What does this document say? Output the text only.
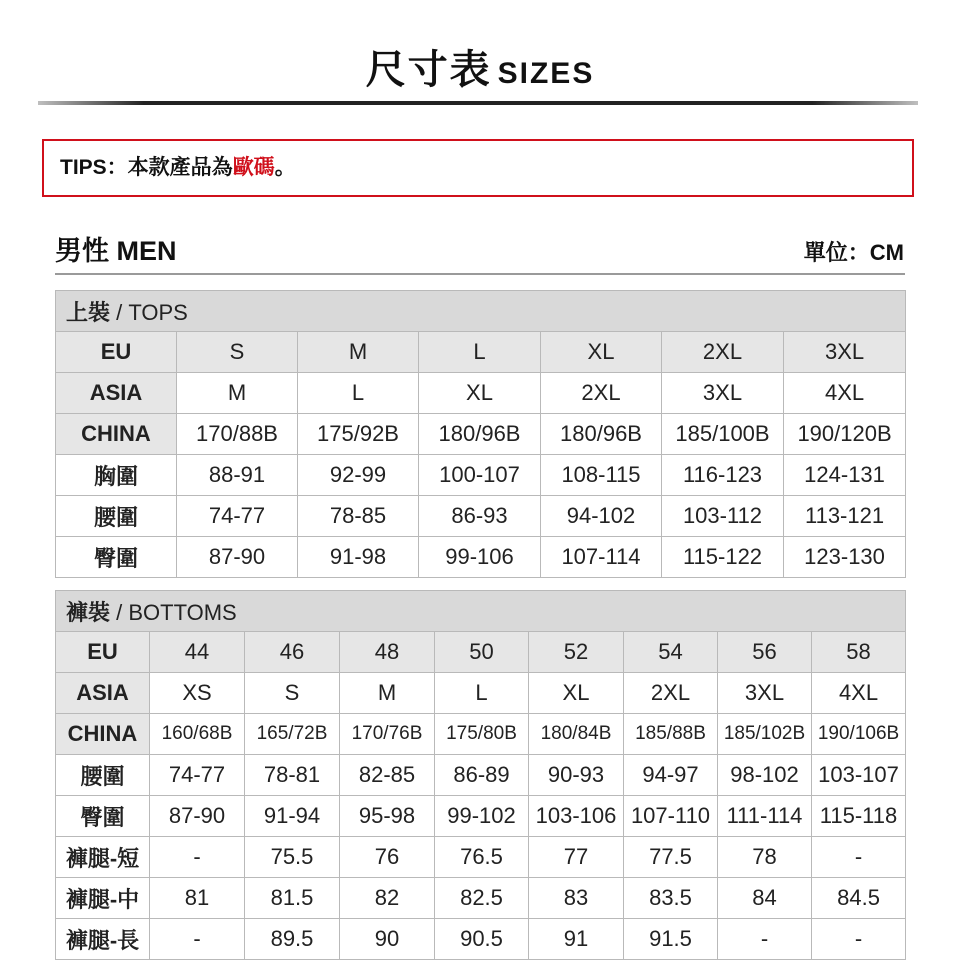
尺寸表 SIZES
TIPS：本款產品為歐碼。
男性 MEN	單位：CM
上裝 / TOPS						
EU	S	M	L	XL	2XL	3XL
ASIA	M	L	XL	2XL	3XL	4XL
CHINA	170/88B	175/92B	180/96B	180/96B	185/100B	190/120B
胸圍	88-91	92-99	100-107	108-115	116-123	124-131
腰圍	74-77	78-85	86-93	94-102	103-112	113-121
臀圍	87-90	91-98	99-106	107-114	115-122	123-130
褲裝 / BOTTOMS								
EU	44	46	48	50	52	54	56	58
ASIA	XS	S	M	L	XL	2XL	3XL	4XL
CHINA	160/68B	165/72B	170/76B	175/80B	180/84B	185/88B	185/102B	190/106B
腰圍	74-77	78-81	82-85	86-89	90-93	94-97	98-102	103-107
臀圍	87-90	91-94	95-98	99-102	103-106	107-110	111-114	115-118
褲腿-短	-	75.5	76	76.5	77	77.5	78	-
褲腿-中	81	81.5	82	82.5	83	83.5	84	84.5
褲腿-長	-	89.5	90	90.5	91	91.5	-	-
